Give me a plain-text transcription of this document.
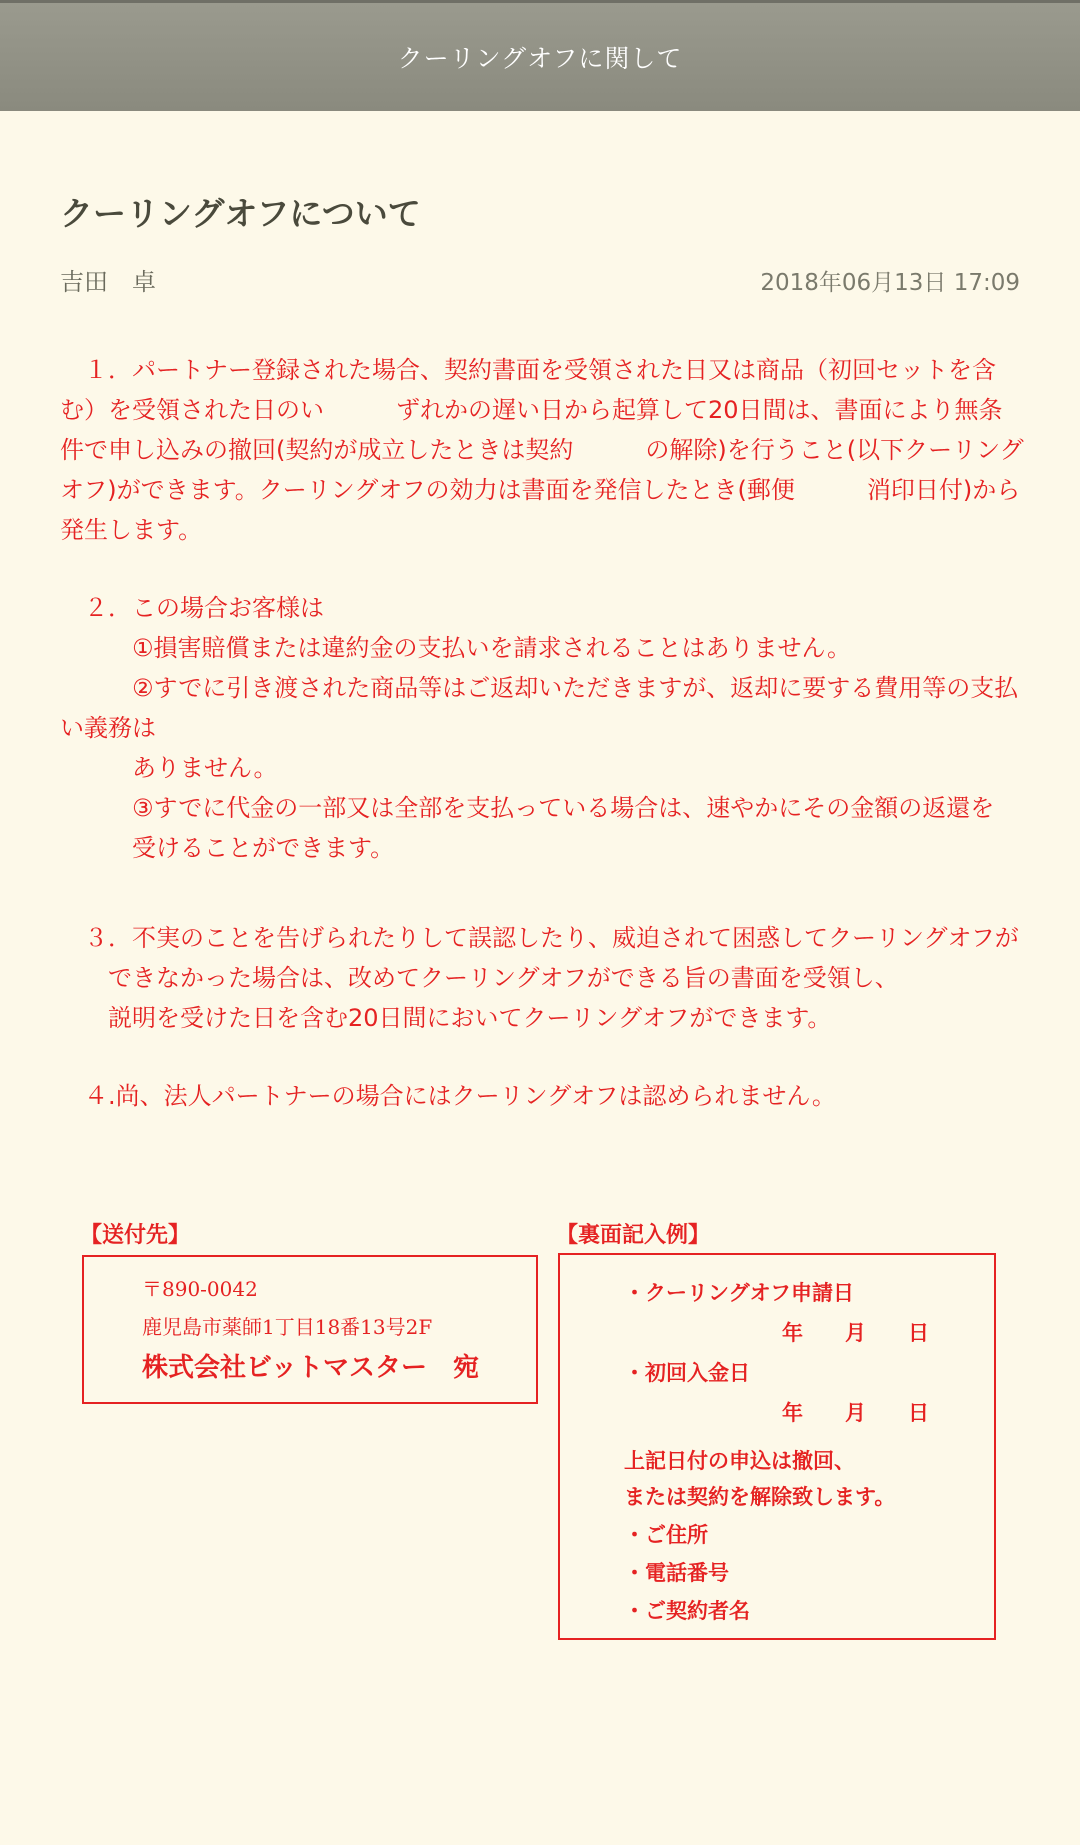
クーリングオフに関して
クーリングオフについて
吉田　卓	2018年06月13日 17:09

　１．パートナー登録された場合、契約書面を受領された日又は商品（初回セットを含

む）を受領された日のい　　　ずれかの遅い日から起算して20日間は、書面により無条

件で申し込みの撤回(契約が成立したときは契約　　　の解除)を行うこと(以下クーリング

オフ)ができます。クーリングオフの効力は書面を発信したとき(郵便　　　消印日付)から

発生します。

　２．この場合お客様は

　　　①損害賠償または違約金の支払いを請求されることはありません。

　　　②すでに引き渡された商品等はご返却いただきますが、返却に要する費用等の支払

い義務は

　　　ありません。

　　　③すでに代金の一部又は全部を支払っている場合は、速やかにその金額の返還を

　　　受けることができます。

　３．不実のことを告げられたりして誤認したり、威迫されて困惑してクーリングオフが

　　できなかった場合は、改めてクーリングオフができる旨の書面を受領し、

　　説明を受けた日を含む20日間においてクーリングオフができます。

　４.尚、法人パートナーの場合にはクーリングオフは認められません。

【送付先】
〒890-0042
鹿児島市薬師1丁目18番13号2F
株式会社ビットマスター　宛
【裏面記入例】
・クーリングオフ申請日
年　　月　　日
・初回入金日
年　　月　　日
上記日付の申込は撤回、
または契約を解除致します。
・ご住所
・電話番号
・ご契約者名
